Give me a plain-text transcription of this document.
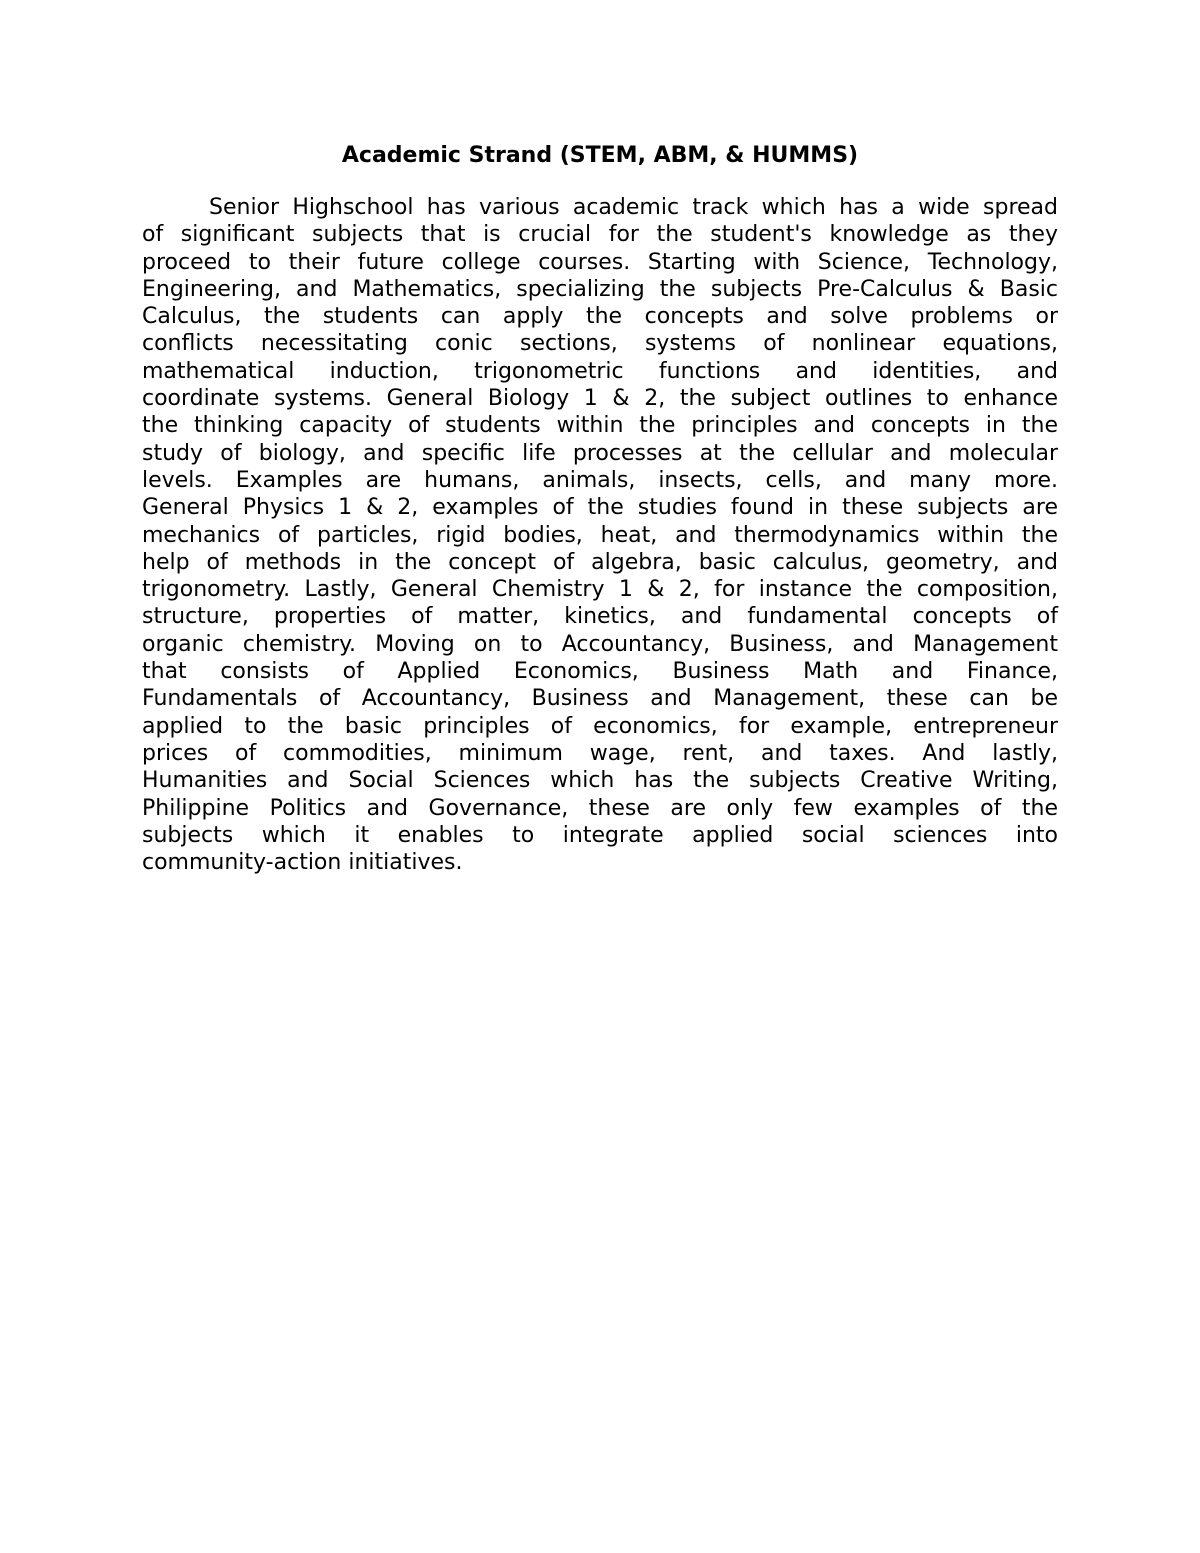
Academic Strand (STEM, ABM, & HUMMS)
Senior Highschool has various academic track which has a wide spread
of significant subjects that is crucial for the student's knowledge as they
proceed to their future college courses. Starting with Science, Technology,
Engineering, and Mathematics, specializing the subjects Pre-Calculus & Basic
Calculus, the students can apply the concepts and solve problems or
conflicts necessitating conic sections, systems of nonlinear equations,
mathematical induction, trigonometric functions and identities, and
coordinate systems. General Biology 1 & 2, the subject outlines to enhance
the thinking capacity of students within the principles and concepts in the
study of biology, and specific life processes at the cellular and molecular
levels. Examples are humans, animals, insects, cells, and many more.
General Physics 1 & 2, examples of the studies found in these subjects are
mechanics of particles, rigid bodies, heat, and thermodynamics within the
help of methods in the concept of algebra, basic calculus, geometry, and
trigonometry. Lastly, General Chemistry 1 & 2, for instance the composition,
structure, properties of matter, kinetics, and fundamental concepts of
organic chemistry. Moving on to Accountancy, Business, and Management
that consists of Applied Economics, Business Math and Finance,
Fundamentals of Accountancy, Business and Management, these can be
applied to the basic principles of economics, for example, entrepreneur
prices of commodities, minimum wage, rent, and taxes. And lastly,
Humanities and Social Sciences which has the subjects Creative Writing,
Philippine Politics and Governance, these are only few examples of the
subjects which it enables to integrate applied social sciences into
community-action initiatives.
